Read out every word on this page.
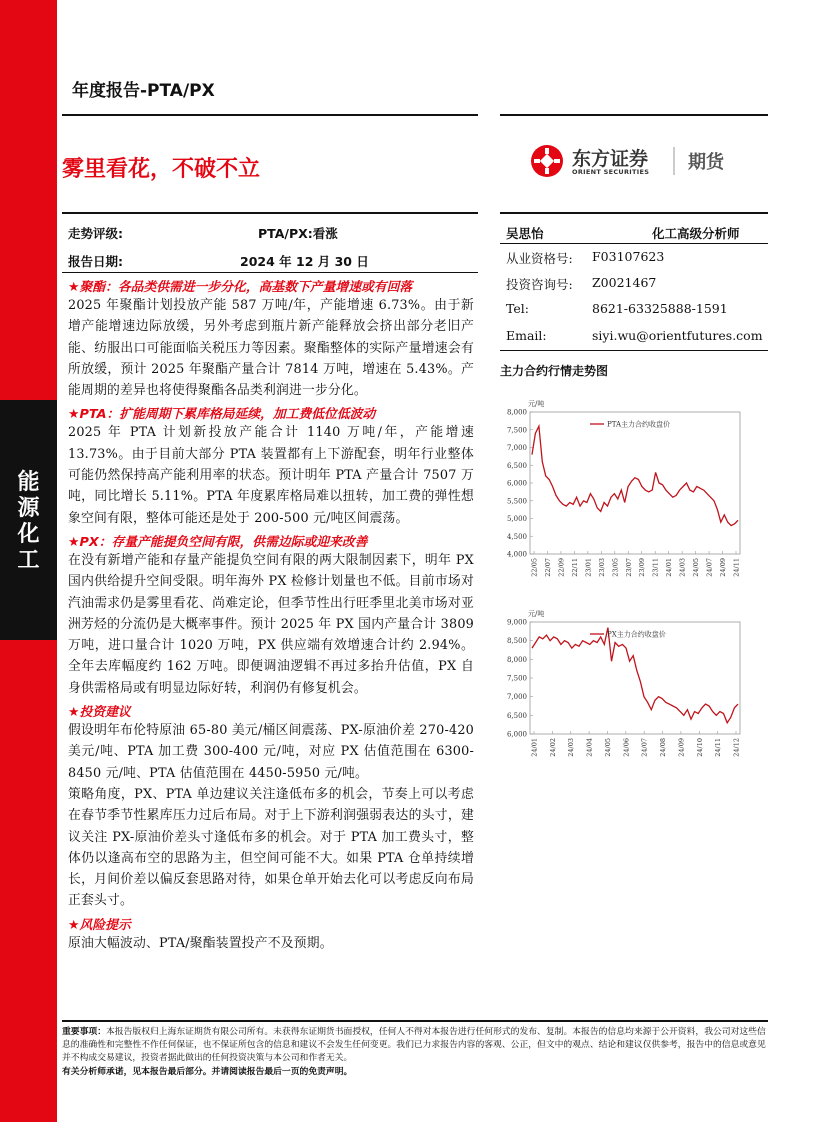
能
源
化
工
年度报告-PTA/PX
雾里看花，不破不立	东方证券
ORIENT SECURITIES 期货
走势评级:	PTA/PX:看涨
报告日期:	2024 年 12 月 30 日
吴思怡	化工高级分析师
从业资格号: F03107623
投资咨询号: Z0021467
Tel:	8621-63325888-1591
Email:	siyi.wu@orientfutures.com
★聚酯：各品类供需进一步分化，高基数下产量增速或有回落
2025 年聚酯计划投放产能 587 万吨/年，产能增速 6.73%。由于新增产能增速边际放缓，另外考虑到瓶片新产能释放会挤出部分老旧产能、纺服出口可能面临关税压力等因素。聚酯整体的实际产量增速会有所放缓，预计 2025 年聚酯产量合计 7814 万吨，增速在 5.43%。产能周期的差异也将使得聚酯各品类利润进一步分化。
★PTA：扩能周期下累库格局延续，加工费低位低波动
2025 年 PTA 计划新投放产能合计 1140 万吨/年，产能增速 13.73%。由于目前大部分 PTA 装置都有上下游配套，明年行业整体可能仍然保持高产能利用率的状态。预计明年 PTA 产量合计 7507 万吨，同比增长 5.11%。PTA 年度累库格局难以扭转，加工费的弹性想象空间有限，整体可能还是处于 200-500 元/吨区间震荡。
★PX：存量产能提负空间有限，供需边际或迎来改善
在没有新增产能和存量产能提负空间有限的两大限制因素下，明年 PX 国内供给提升空间受限。明年海外 PX 检修计划量也不低。目前市场对汽油需求仍是雾里看花、尚难定论，但季节性出行旺季里北美市场对亚洲芳烃的分流仍是大概率事件。预计 2025 年 PX 国内产量合计 3809 万吨，进口量合计 1020 万吨，PX 供应端有效增速合计约 2.94%。全年去库幅度约 162 万吨。即便调油逻辑不再过多抬升估值，PX 自身供需格局或有明显边际好转，利润仍有修复机会。
★投资建议
假设明年布伦特原油 65-80 美元/桶区间震荡、PX-原油价差 270-420 美元/吨、PTA 加工费 300-400 元/吨，对应 PX 估值范围在 6300-8450 元/吨、PTA 估值范围在 4450-5950 元/吨。
策略角度，PX、PTA 单边建议关注逢低布多的机会，节奏上可以考虑在春节季节性累库压力过后布局。对于上下游利润强弱表达的头寸，建议关注 PX-原油价差头寸逢低布多的机会。对于 PTA 加工费头寸，整体仍以逢高布空的思路为主，但空间可能不大。如果 PTA 仓单持续增长，月间价差以偏反套思路对待，如果仓单开始去化可以考虑反向布局正套头寸。
★风险提示
原油大幅波动、PTA/聚酯装置投产不及预期。
主力合约行情走势图
元/吨
8,000
7,500
7,000
6,500
6,000
5,500
5,000
4,500
4,000
22/05 22/07 22/09 22/11 23/01 23/03 23/05 23/07 23/09 23/11 24/01 24/03 24/05 24/07 24/09 24/11
PTA主力合约收盘价
元/吨
9,000
8,500
8,000
7,500
7,000
6,500
6,000
24/01 24/02 24/03 24/04 24/05 24/06 24/07 24/08 24/09 24/10 24/11 24/12
PX主力合约收盘价
重要事项：本报告版权归上海东证期货有限公司所有。未获得东证期货书面授权，任何人不得对本报告进行任何形式的发布、复制。本报告的信息均来源于公开资料，我公司对这些信息的准确性和完整性不作任何保证，也不保证所包含的信息和建议不会发生任何变更。我们已力求报告内容的客观、公正，但文中的观点、结论和建议仅供参考，报告中的信息或意见并不构成交易建议，投资者据此做出的任何投资决策与本公司和作者无关。
有关分析师承诺，见本报告最后部分。并请阅读报告最后一页的免责声明。
